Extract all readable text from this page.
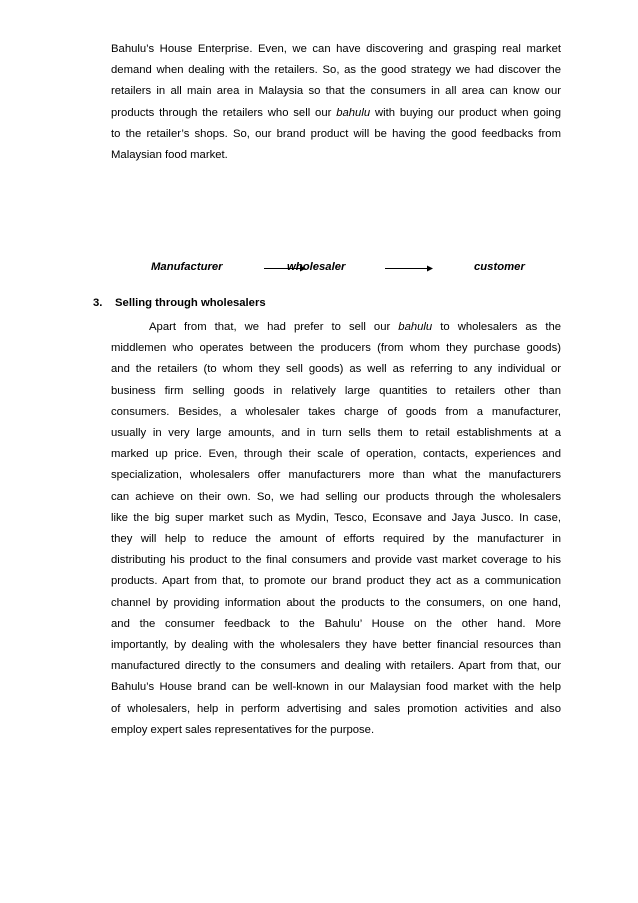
Bahulu’s House Enterprise. Even, we can have discovering and grasping real market
demand when dealing with the retailers. So, as the good strategy we had discover the
retailers in all main area in Malaysia so that the consumers in all area can know our
products through the retailers who sell our bahulu with buying our product when going
to the retailer’s shops. So, our brand product will be having the good feedbacks from
Malaysian food market.
Manufacturer	wholesaler	customer
3. Selling through wholesalers
Apart from that, we had prefer to sell our bahulu to wholesalers as the
middlemen who operates between the producers (from whom they purchase goods)
and the retailers (to whom they sell goods) as well as referring to any individual or
business firm selling goods in relatively large quantities to retailers other than
consumers. Besides, a wholesaler takes charge of goods from a manufacturer,
usually in very large amounts, and in turn sells them to retail establishments at a
marked up price. Even, through their scale of operation, contacts, experiences and
specialization, wholesalers offer manufacturers more than what the manufacturers
can achieve on their own. So, we had selling our products through the wholesalers
like the big super market such as Mydin, Tesco, Econsave and Jaya Jusco. In case,
they will help to reduce the amount of efforts required by the manufacturer in
distributing his product to the final consumers and provide vast market coverage to his
products. Apart from that, to promote our brand product they act as a communication
channel by providing information about the products to the consumers, on one hand,
and the consumer feedback to the Bahulu’ House on the other hand. More
importantly, by dealing with the wholesalers they have better financial resources than
manufactured directly to the consumers and dealing with retailers. Apart from that, our
Bahulu’s House brand can be well-known in our Malaysian food market with the help
of wholesalers, help in perform advertising and sales promotion activities and also
employ expert sales representatives for the purpose.
